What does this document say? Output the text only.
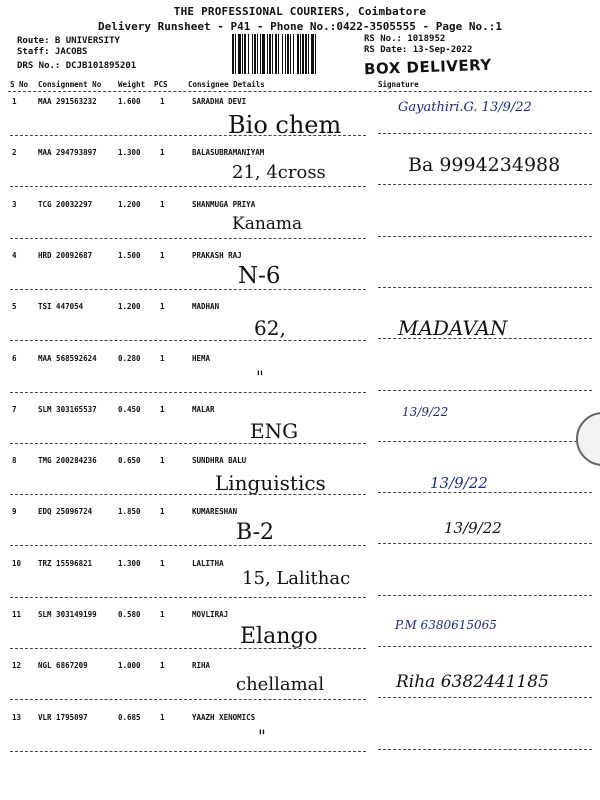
THE PROFESSIONAL COURIERS, Coimbatore
Delivery Runsheet - P41 - Phone No.:0422-3505555 - Page No.:1
Route: B UNIVERSITY
Staff: JACOBS
DRS No.: DCJB101895201
RS No.: 1018952
RS Date: 13-Sep-2022
BOX DELIVERY
S No Consignment No Weight PCS	Consignee Details	Signature
1	MAA 291563232	1.600	1	SARADHA DEVI
Bio chem
Gayathiri.G. 13/9/22
2	MAA 294793897	1.300	1	BALASUBRAMANIYAM
21, 4cross	Ba 9994234988
3	TCG 20032297	1.200	1	SHANMUGA PRIYA
Kanama
4	HRD 20092687	1.500	1	PRAKASH RAJ
N-6
5	TSI 447054	1.200	1	MADHAN
62,	MADAVAN
6	MAA 568592624	0.280	1	HEMA
"
7	SLM 303165537	0.450	1	MALAR
ENG
13/9/22
8	TMG 200284236	0.650	1	SUNDHRA BALU
Linguistics	13/9/22
9	EDQ 25096724	1.850	1	KUMARESHAN
B-2	13/9/22
10 TRZ 15596821	1.300	1	LALITHA
15, Lalithac
11 SLM 303149199	0.580	1	MOVLIRAJ
Elango	P.M 6380615065
12 NGL 6867209	1.000	1	RIHA
chellamal	Riha 6382441185
13 VLR 1795097	0.685	1	YAAZH XENOMICS
"
